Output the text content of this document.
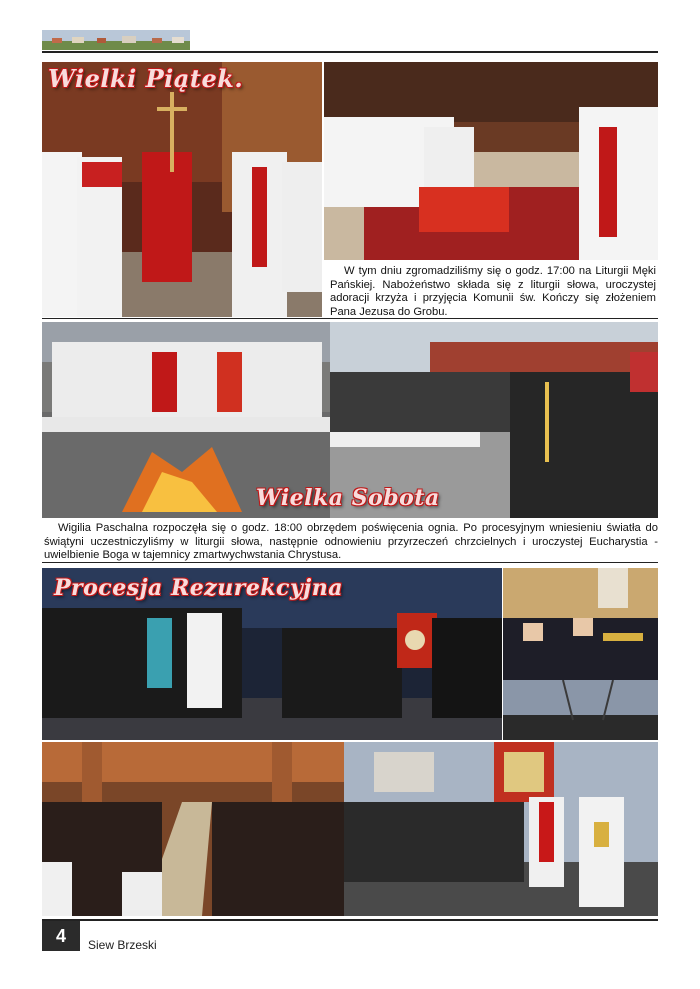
Wielki Piątek.
W tym dniu zgromadziliśmy się o godz. 17:00 na Liturgii Męki Pańskiej. Nabożeństwo składa się z liturgii słowa, uroczystej adoracji krzyża i przyjęcia Komunii św. Kończy się złożeniem Pana Jezusa do Grobu.
Wielka Sobota
Wigilia Paschalna rozpoczęła się o godz. 18:00 obrzędem poświęcenia ognia. Po procesyjnym wniesieniu światła do świątyni uczestniczyliśmy w liturgii słowa, następnie odnowieniu przyrzeczeń chrzcielnych i uroczystej Eucharystia - uwielbienie Boga w tajemnicy zmartwychwstania Chrystusa.
Procesja Rezurekcyjna
4	Siew Brzeski
